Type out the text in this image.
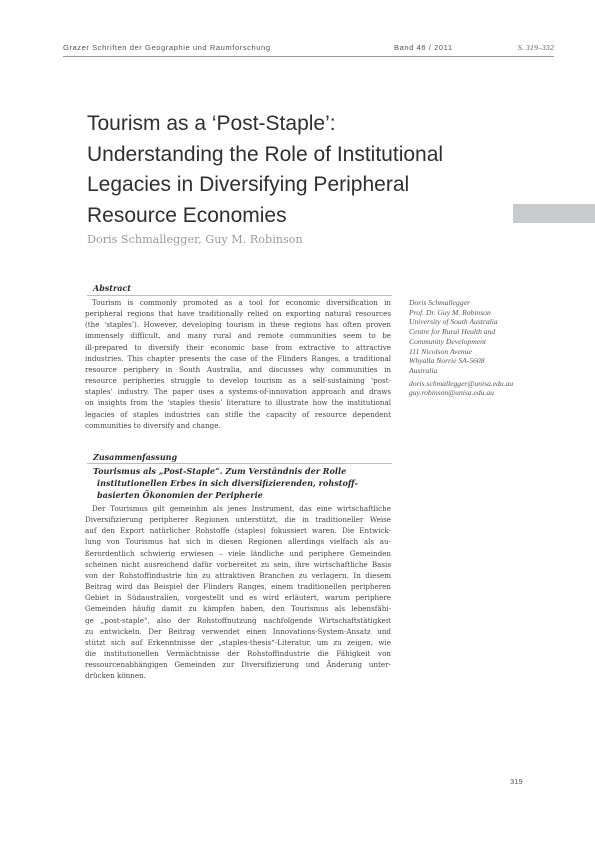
Grazer Schriften der Geographie und Raumforschung	Band 46 / 2011	S. 319–332
Tourism as a ‘Post-Staple’:
Understanding the Role of Institutional
Legacies in Diversifying Peripheral
Resource Economies
Doris Schmallegger, Guy M. Robinson
Abstract
Tourism is commonly promoted as a tool for economic diversification in
peripheral regions that have traditionally relied on exporting natural resources
(the ‘staples’). However, developing tourism in these regions has often proven
immensely difficult, and many rural and remote communities seem to be
ill-prepared to diversify their economic base from extractive to attractive
industries. This chapter presents the case of the Flinders Ranges, a traditional
resource periphery in South Australia, and discusses why communities in
resource peripheries struggle to develop tourism as a self-sustaining ‘post-
staples’ industry. The paper uses a systems-of-innovation approach and draws
on insights from the ‘staples thesis’ literature to illustrate how the institutional
legacies of staples industries can stifle the capacity of resource dependent
communities to diversify and change.
Zusammenfassung
Tourismus als „Post-Staple“. Zum Verständnis der Rolle
institutionellen Erbes in sich diversifizierenden, rohstoff-
basierten Ökonomien der Peripherie
Der Tourismus gilt gemeinhin als jenes Instrument, das eine wirtschaftliche
Diversifizierung peripherer Regionen unterstützt, die in traditioneller Weise
auf den Export natürlicher Rohstoffe (staples) fokussiert waren. Die Entwick-
lung von Tourismus hat sich in diesen Regionen allerdings vielfach als au-
ßerordentlich schwierig erwiesen – viele ländliche und periphere Gemeinden
scheinen nicht ausreichend dafür vorbereitet zu sein, ihre wirtschaftliche Basis
von der Rohstoffindustrie hin zu attraktiven Branchen zu verlagern. In diesem
Beitrag wird das Beispiel der Flinders Ranges, einem traditionellen peripheren
Gebiet in Südaustralien, vorgestellt und es wird erläutert, warum periphere
Gemeinden häufig damit zu kämpfen haben, den Tourismus als lebensfähi-
ge „post-staple“, also der Rohstoffnutzung nachfolgende Wirtschaftstätigkeit
zu entwickeln. Der Beitrag verwendet einen Innovations-System-Ansatz und
stützt sich auf Erkenntnisse der „staples-thesis“-Literatur, um zu zeigen, wie
die institutionellen Vermächtnisse der Rohstoffindustrie die Fähigkeit von
ressourcenabhängigen Gemeinden zur Diversifizierung und Änderung unter-
drücken können.
Doris Schmallegger
Prof. Dr. Guy M. Robinson
University of South Australia
Centre for Rural Health and
Community Development
111 Nicolson Avenue
Whyalla Norrie SA-5608
Australia
doris.schmallegger@unisa.edu.au
guy.robinson@unisa.edu.au
319
